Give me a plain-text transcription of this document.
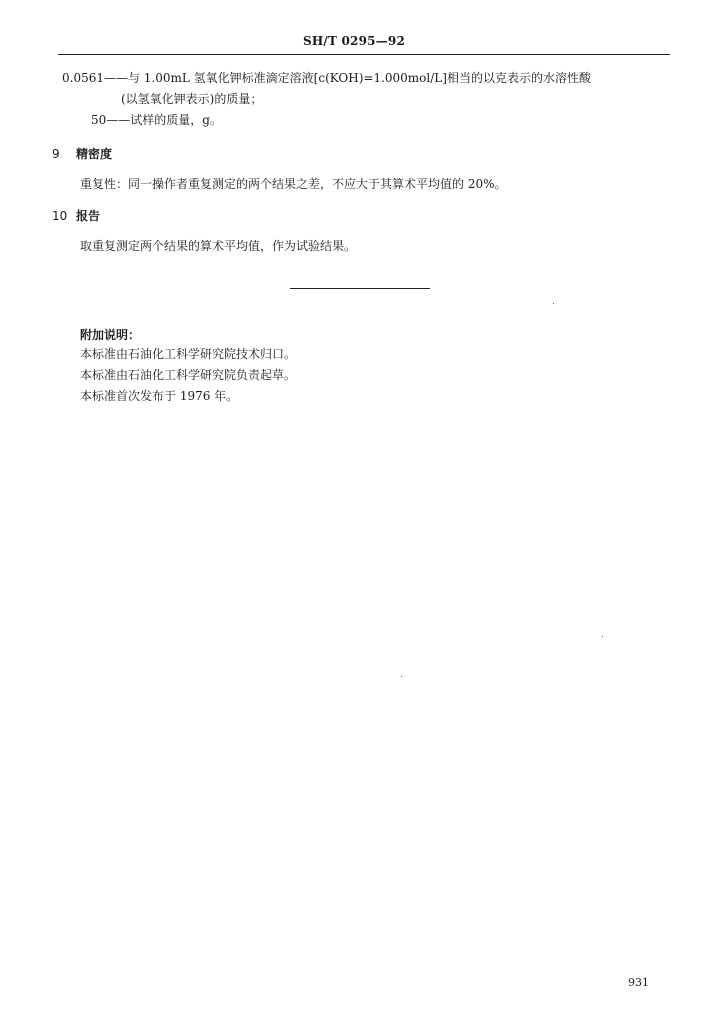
SH/T 0295—92
0.0561——与 1.00mL 氢氧化钾标准滴定溶液[c(KOH)=1.000mol/L]相当的以克表示的水溶性酸
(以氢氧化钾表示)的质量；
50——试样的质量，g。
9 精密度
重复性：同一操作者重复测定的两个结果之差，不应大于其算术平均值的 20%。
10 报告
取重复测定两个结果的算术平均值，作为试验结果。
附加说明：
本标准由石油化工科学研究院技术归口。
本标准由石油化工科学研究院负责起草。
本标准首次发布于 1976 年。
931
